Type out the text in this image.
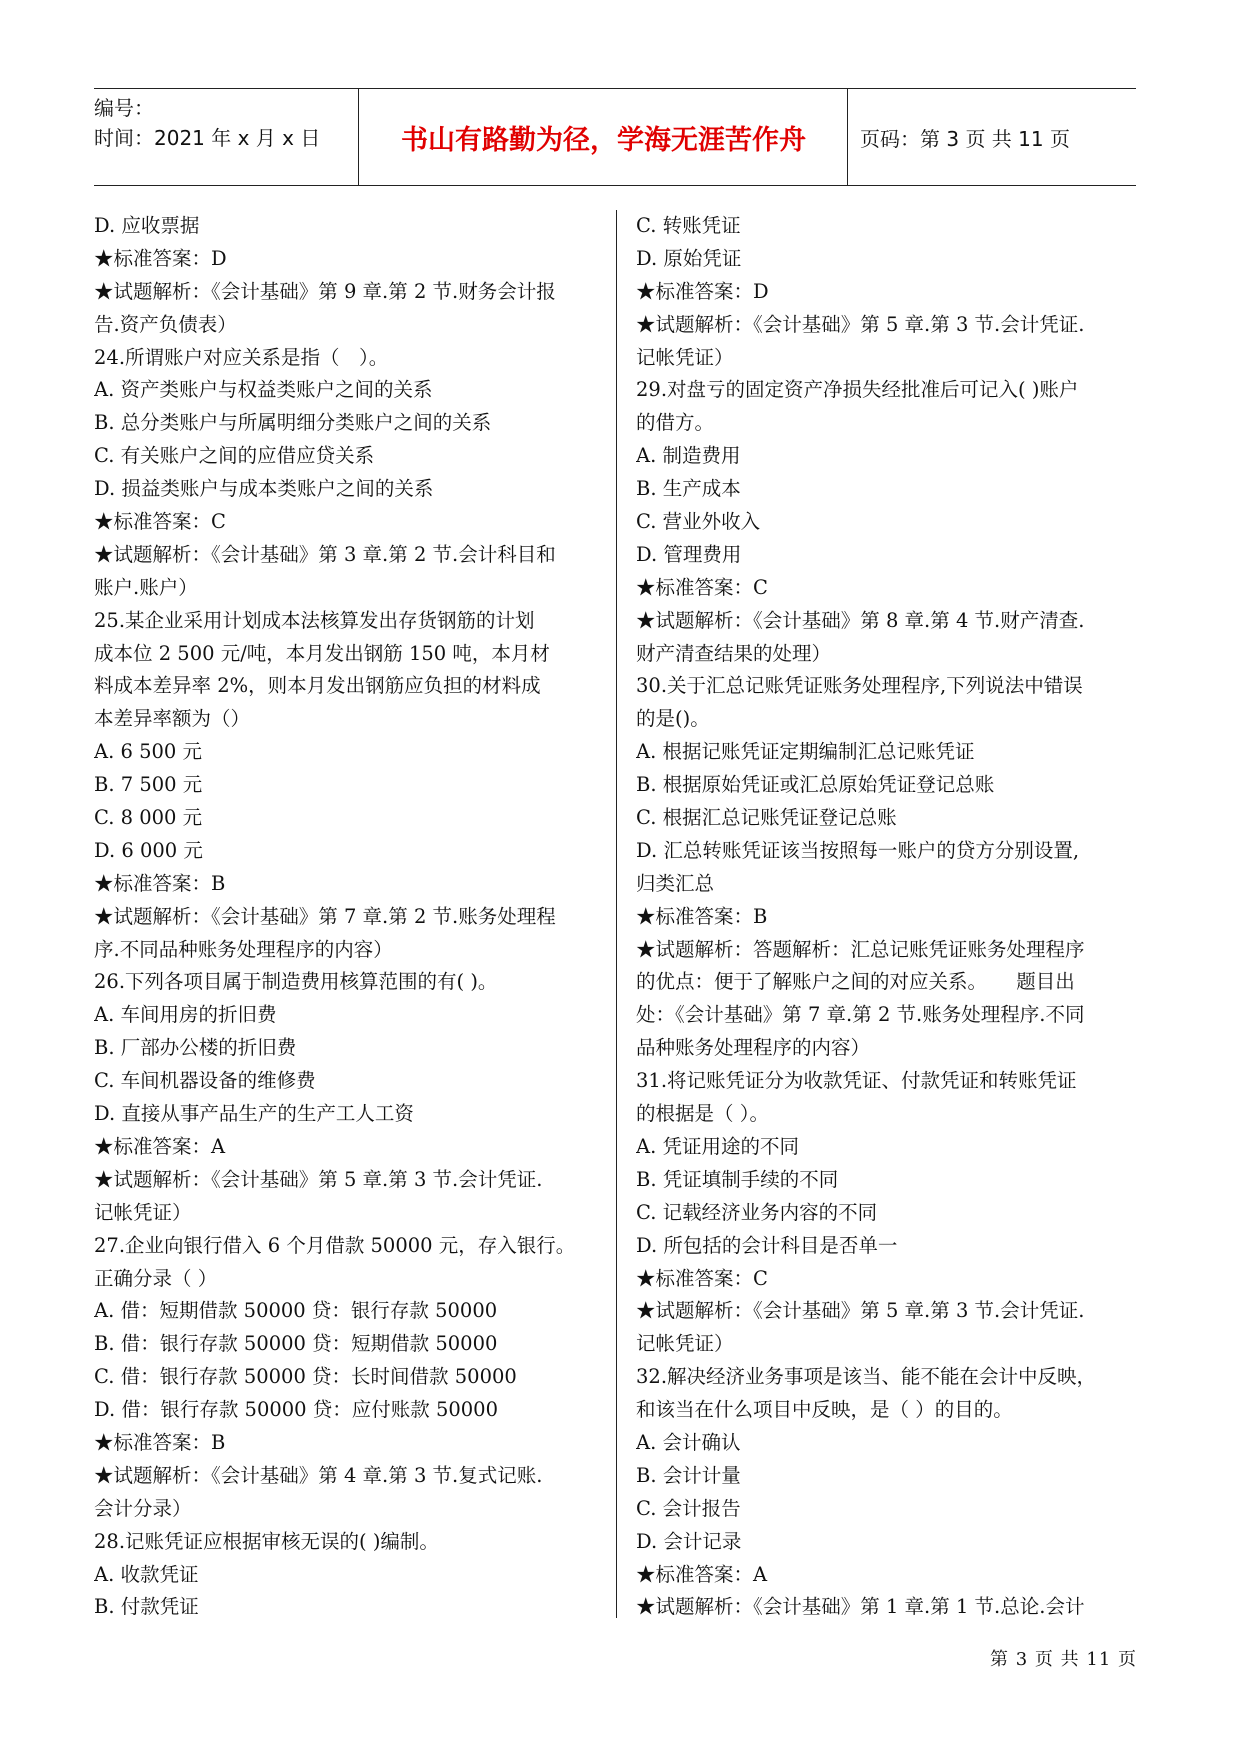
编号：
时间：2021 年 x 月 x 日	书山有路勤为径，学海无涯苦作舟	页码：第 3 页 共 11 页
D. 应收票据
★标准答案：D
★试题解析：《会计基础》第 9 章.第 2 节.财务会计报
告.资产负债表）
24.所谓账户对应关系是指（　）。
A. 资产类账户与权益类账户之间的关系
B. 总分类账户与所属明细分类账户之间的关系
C. 有关账户之间的应借应贷关系
D. 损益类账户与成本类账户之间的关系
★标准答案：C
★试题解析：《会计基础》第 3 章.第 2 节.会计科目和
账户.账户）
25.某企业采用计划成本法核算发出存货钢筋的计划
成本位 2 500 元/吨，本月发出钢筋 150 吨，本月材
料成本差异率 2%，则本月发出钢筋应负担的材料成
本差异率额为（）
A. 6 500 元
B. 7 500 元
C. 8 000 元
D. 6 000 元
★标准答案：B
★试题解析：《会计基础》第 7 章.第 2 节.账务处理程
序.不同品种账务处理程序的内容）
26.下列各项目属于制造费用核算范围的有( )。
A. 车间用房的折旧费
B. 厂部办公楼的折旧费
C. 车间机器设备的维修费
D. 直接从事产品生产的生产工人工资
★标准答案：A
★试题解析：《会计基础》第 5 章.第 3 节.会计凭证.
记帐凭证）
27.企业向银行借入 6 个月借款 50000 元，存入银行。
正确分录（ ）
A. 借：短期借款 50000 贷：银行存款 50000
B. 借：银行存款 50000 贷：短期借款 50000
C. 借：银行存款 50000 贷：长时间借款 50000
D. 借：银行存款 50000 贷：应付账款 50000
★标准答案：B
★试题解析：《会计基础》第 4 章.第 3 节.复式记账.
会计分录）
28.记账凭证应根据审核无误的( )编制。
A. 收款凭证
B. 付款凭证
C. 转账凭证
D. 原始凭证
★标准答案：D
★试题解析：《会计基础》第 5 章.第 3 节.会计凭证.
记帐凭证）
29.对盘亏的固定资产净损失经批准后可记入( )账户
的借方。
A. 制造费用
B. 生产成本
C. 营业外收入
D. 管理费用
★标准答案：C
★试题解析：《会计基础》第 8 章.第 4 节.财产清查.
财产清查结果的处理）
30.关于汇总记账凭证账务处理程序,下列说法中错误
的是()。
A. 根据记账凭证定期编制汇总记账凭证
B. 根据原始凭证或汇总原始凭证登记总账
C. 根据汇总记账凭证登记总账
D. 汇总转账凭证该当按照每一账户的贷方分别设置,
归类汇总
★标准答案：B
★试题解析：答题解析：汇总记账凭证账务处理程序
的优点：便于了解账户之间的对应关系。　　题目出
处：《会计基础》第 7 章.第 2 节.账务处理程序.不同
品种账务处理程序的内容）
31.将记账凭证分为收款凭证、付款凭证和转账凭证
的根据是（ ）。
A. 凭证用途的不同
B. 凭证填制手续的不同
C. 记载经济业务内容的不同
D. 所包括的会计科目是否单一
★标准答案：C
★试题解析：《会计基础》第 5 章.第 3 节.会计凭证.
记帐凭证）
32.解决经济业务事项是该当、能不能在会计中反映，
和该当在什么项目中反映，是（ ）的目的。
A. 会计确认
B. 会计计量
C. 会计报告
D. 会计记录
★标准答案：A
★试题解析：《会计基础》第 1 章.第 1 节.总论.会计
第 3 页 共 11 页
